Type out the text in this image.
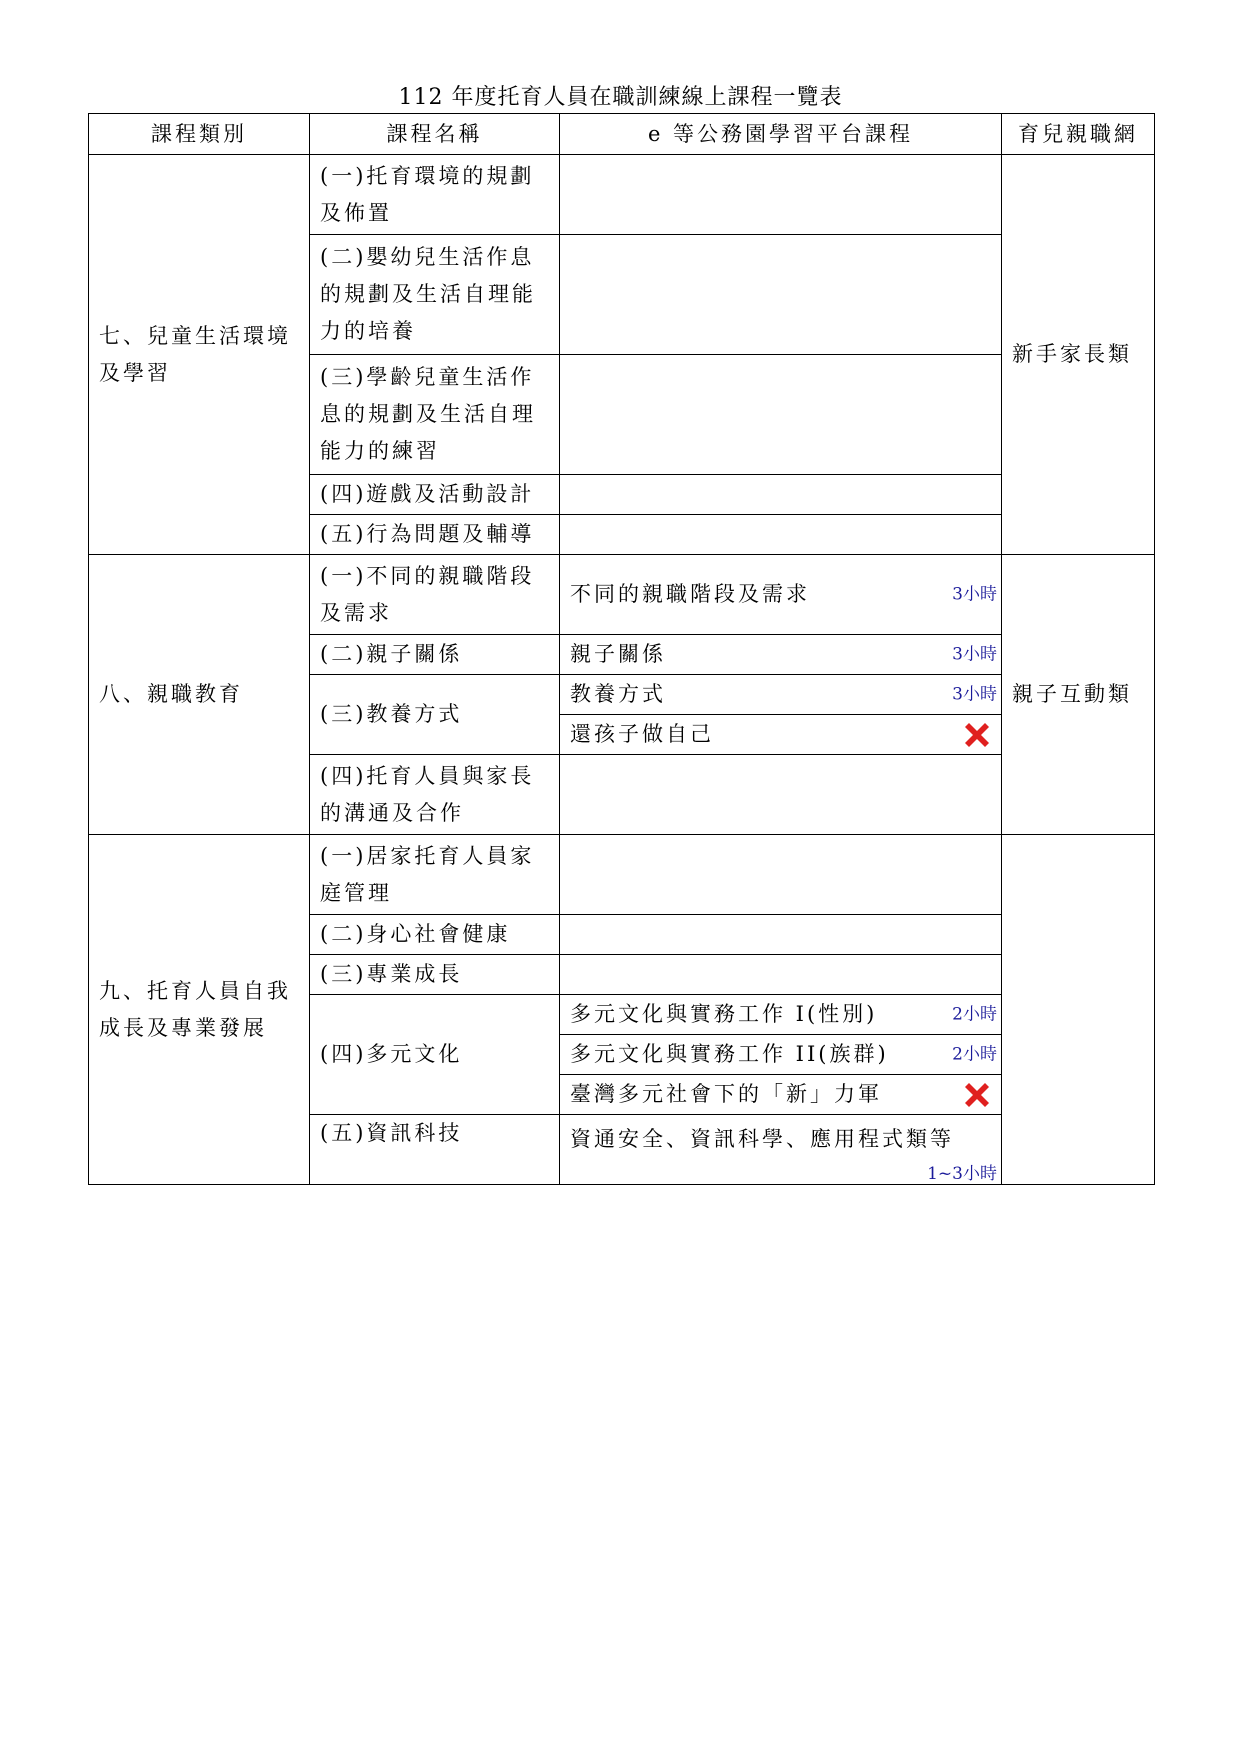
112 年度托育人員在職訓練線上課程一覽表
課程類別	課程名稱	e 等公務園學習平台課程	育兒親職網
七、兒童生活環境及學習	(一)托育環境的規劃及佈置		新手家長類
	(二)嬰幼兒生活作息的規劃及生活自理能力的培養		
	(三)學齡兒童生活作息的規劃及生活自理能力的練習		
	(四)遊戲及活動設計		
	(五)行為問題及輔導		
八、親職教育	(一)不同的親職階段及需求	不同的親職階段及需求 3小時	親子互動類
	(二)親子關係	親子關係 3小時	

	(三)教養方式	教養方式 3小時	

		還孩子做自己	

	(四)托育人員與家長的溝通及合作		
九、托育人員自我成長及專業發展	(一)居家托育人員家庭管理		
	(二)身心社會健康		
	(三)專業成長		
	(四)多元文化	多元文化與實務工作 I(性別) 2小時	

		多元文化與實務工作 II(族群) 2小時	

		臺灣多元社會下的「新」力軍	

	(五)資訊科技	資通安全、資訊科學、應用程式類等
1~3小時	
